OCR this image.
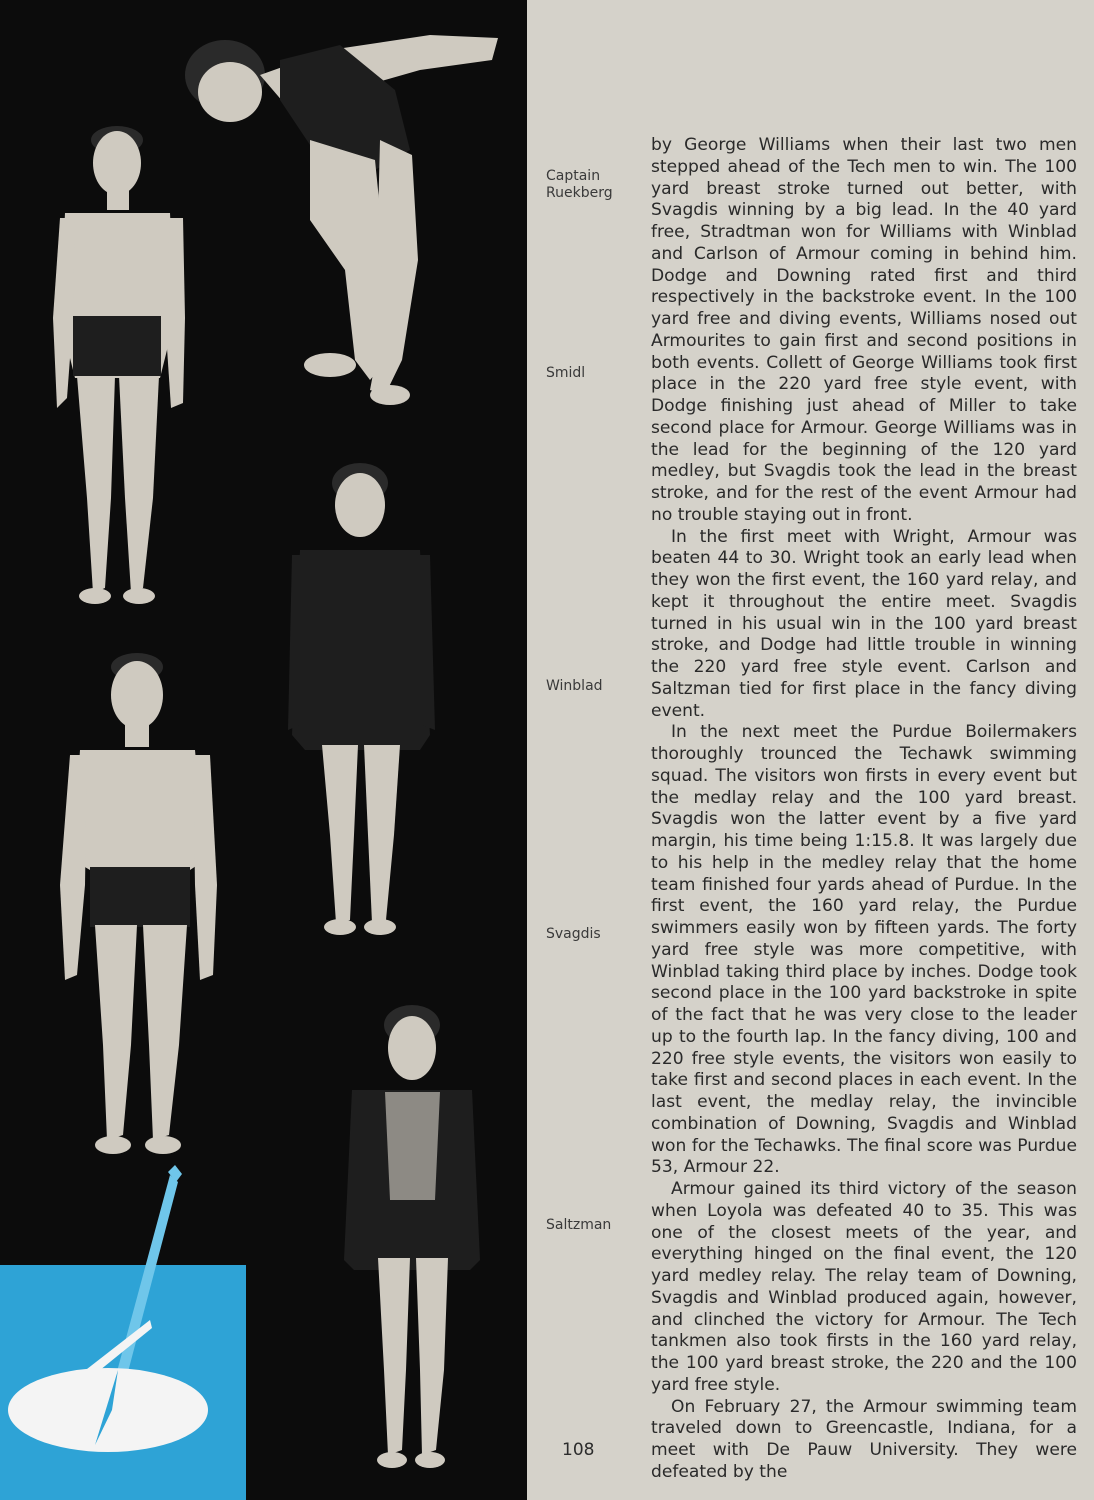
Captain
Ruekberg
Smidl
Winblad
Svagdis
Saltzman
108

by George Williams when their last two men stepped ahead of the Tech men to win. The 100 yard breast stroke turned out better, with Svagdis winning by a big lead. In the 40 yard free, Stradtman won for Williams with Winblad and Carlson of Armour coming in behind him. Dodge and Downing rated first and third respectively in the backstroke event. In the 100 yard free and diving events, Williams nosed out Armourites to gain first and second positions in both events. Collett of George Williams took first place in the 220 yard free style event, with Dodge finishing just ahead of Miller to take second place for Armour. George Williams was in the lead for the beginning of the 120 yard medley, but Svagdis took the lead in the breast stroke, and for the rest of the event Armour had no trouble staying out in front.

In the first meet with Wright, Armour was beaten 44 to 30. Wright took an early lead when they won the first event, the 160 yard relay, and kept it throughout the entire meet. Svagdis turned in his usual win in the 100 yard breast stroke, and Dodge had little trouble in winning the 220 yard free style event. Carlson and Saltzman tied for first place in the fancy diving event.

In the next meet the Purdue Boilermakers thoroughly trounced the Techawk swimming squad. The visitors won firsts in every event but the medlay relay and the 100 yard breast. Svagdis won the latter event by a five yard margin, his time being 1:15.8. It was largely due to his help in the medley relay that the home team finished four yards ahead of Purdue. In the first event, the 160 yard relay, the Purdue swimmers easily won by fifteen yards. The forty yard free style was more competitive, with Winblad taking third place by inches. Dodge took second place in the 100 yard backstroke in spite of the fact that he was very close to the leader up to the fourth lap. In the fancy diving, 100 and 220 free style events, the visitors won easily to take first and second places in each event. In the last event, the medlay relay, the invincible combination of Downing, Svagdis and Winblad won for the Techawks. The final score was Purdue 53, Armour 22.

Armour gained its third victory of the season when Loyola was defeated 40 to 35. This was one of the closest meets of the year, and everything hinged on the final event, the 120 yard medley relay. The relay team of Downing, Svagdis and Winblad produced again, however, and clinched the victory for Armour. The Tech tankmen also took firsts in the 160 yard relay, the 100 yard breast stroke, the 220 and the 100 yard free style.

On February 27, the Armour swimming team traveled down to Greencastle, Indiana, for a meet with De Pauw University. They were defeated by the
